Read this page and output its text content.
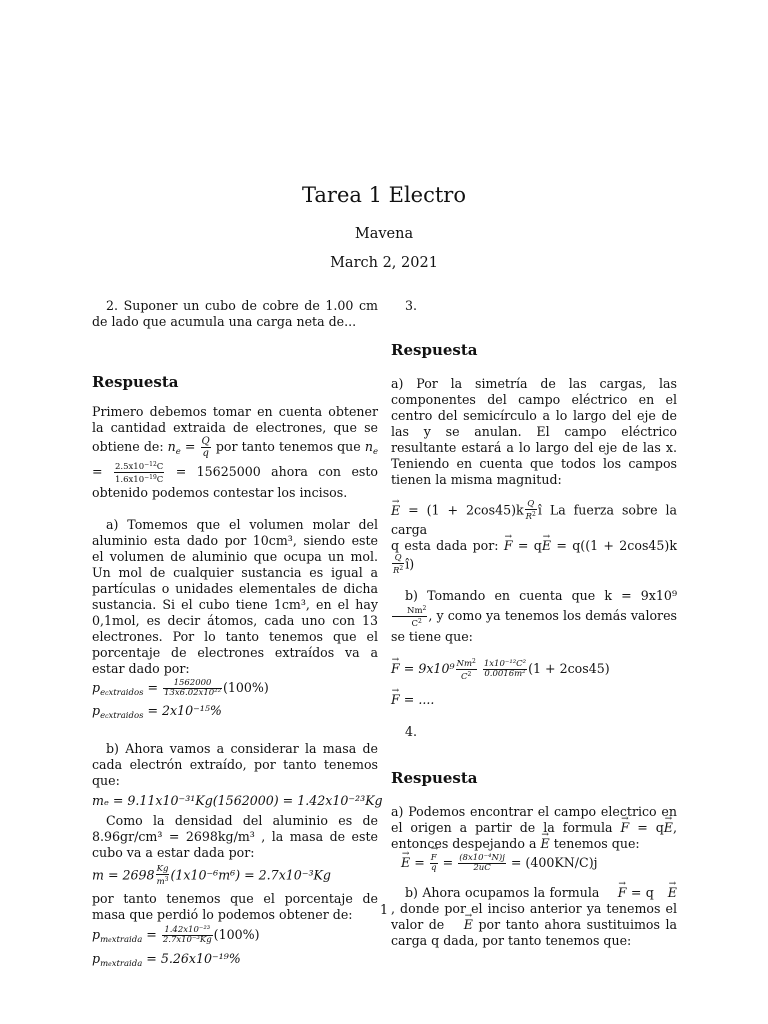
Tarea 1 Electro
Mavena
March 2, 2021

2. Suponer un cubo de cobre de 1.00 cm de lado que acumula una carga neta de...

Respuesta

Primero debemos tomar en cuenta obtener la cantidad extraida de electrones, que se obtiene de: $n_e = \frac{Q}{q}$ por tanto tenemos que $n_e = \frac{2.5x10^{-12}C}{1.6x10^{-19}C} = 15625000$ ahora con esto obtenido podemos contestar los incisos.

a) Tomemos que el volumen molar del aluminio esta dado por 10cm³, siendo este el volumen de aluminio que ocupa un mol. Un mol de cualquier sustancia es igual a partículas o unidades elementales de dicha sustancia. Si el cubo tiene 1cm³, en el hay 0,1mol, es decir átomos, cada uno con 13 electrones. Por lo tanto tenemos que el porcentaje de electrones extraídos va a estar dado por:

$p_{ecxtraidos} = \frac{1562000}{\text{13x6.02x10²²}} (100\%)$

$p_{ecxtraidos} = 2x10^{-15}\%$

b) Ahora vamos a considerar la masa de cada electrón extraído, por tanto tenemos que:

mₑ = 9.11x10⁻³¹Kg(1562000) = 1.42x10⁻²³Kg

Como la densidad del aluminio es de 8.96gr/cm³ = 2698kg/m³ , la masa de este cubo va a estar dada por:

$m = 2698 \frac{Kg}{m^3} (1x10^{-6}m^6) = 2.7x10^{-3}Kg$

por tanto tenemos que el porcentaje de masa que perdió lo podemos obtener de:

$p_{mextraida} = \frac{\text{1.42x10⁻²³}}{\text{2.7x10⁻³Kg}} (100\%)$

$p_{mextraida} = 5.26x10^{-19}\%$

3.

Respuesta

a) Por la simetría de las cargas, las componentes del campo eléctrico en el centro del semicírculo a lo largo del eje de las y se anulan. El campo eléctrico resultante estará a lo largo del eje de las x. Teniendo en cuenta que todos los campos tienen la misma magnitud:

→ $E = (1 + 2\cos 45)k \frac{Q}{R^2}$ î La fuerza sobre la carga
q esta dada por: → F = q→ E = q((1 + 2cos45)k
$\frac{Q}{R^2}$ î)

b) Tomando en cuenta que k = 9x10⁹
$\frac{Nm^2}{C^2}$ , y como ya tenemos los demás valores se tiene que:

→ $F = 9x10^9 \frac{Nm^2}{C^2}$
$\frac{\text{1x10⁻¹²C²}}{\text{0.0016m²}} (1 + 2\cos 45)$

→ F = ....

4.

Respuesta

a) Podemos encontrar el campo electrico en el origen a partir de la formula → F = q→ E, entonces despejando a → E tenemos que:

→ E = → $\frac{F}{q} = \frac{\text{(8x10⁻⁴N)j}}{2uC} = (400KN/C)j$

b) Ahora ocupamos la formula → F = q → E, donde por el inciso anterior ya tenemos el valor de → E por tanto ahora sustituimos la carga q dada, por tanto tenemos que:

1
